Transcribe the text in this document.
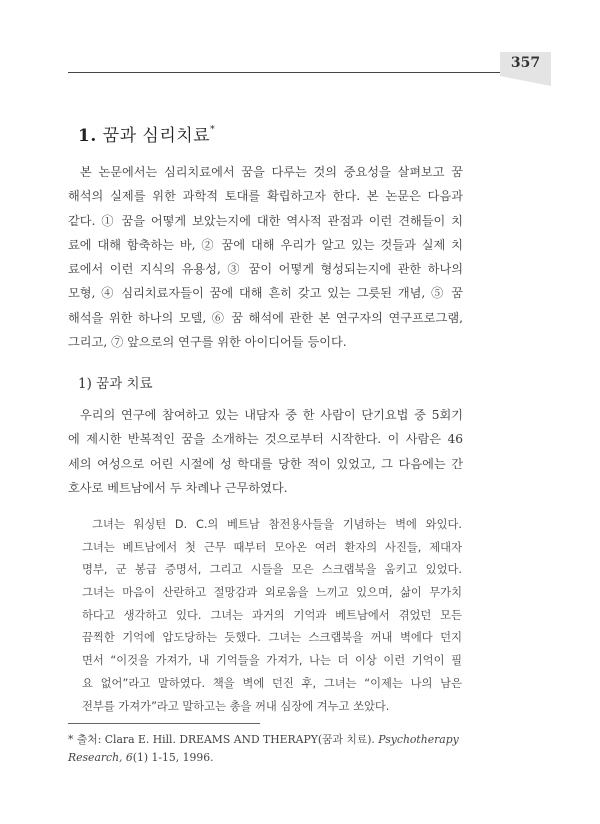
357
1. 꿈과 심리치료*

본 논문에서는 심리치료에서 꿈을 다루는 것의 중요성을 살펴보고 꿈
해석의 실제를 위한 과학적 토대를 확립하고자 한다. 본 논문은 다음과
같다. ① 꿈을 어떻게 보았는지에 대한 역사적 관점과 이런 견해들이 치
료에 대해 함축하는 바, ② 꿈에 대해 우리가 알고 있는 것들과 실제 치
료에서 이런 지식의 유용성, ③ 꿈이 어떻게 형성되는지에 관한 하나의
모형, ④ 심리치료자들이 꿈에 대해 흔히 갖고 있는 그릇된 개념, ⑤ 꿈
해석을 위한 하나의 모델, ⑥ 꿈 해석에 관한 본 연구자의 연구프로그램,
그리고, ⑦ 앞으로의 연구를 위한 아이디어들 등이다.

1) 꿈과 치료

우리의 연구에 참여하고 있는 내담자 중 한 사람이 단기요법 중 5회기
에 제시한 반복적인 꿈을 소개하는 것으로부터 시작한다. 이 사람은 46
세의 여성으로 어린 시절에 성 학대를 당한 적이 있었고, 그 다음에는 간
호사로 베트남에서 두 차례나 근무하였다.

그녀는 워싱턴 D. C.의 베트남 참전용사들을 기념하는 벽에 와있다.
그녀는 베트남에서 첫 근무 때부터 모아온 여러 환자의 사진들, 제대자
명부, 군 봉급 증명서, 그리고 시들을 모은 스크랩북을 움키고 있었다.
그녀는 마음이 산란하고 절망감과 외로움을 느끼고 있으며, 삶이 무가치
하다고 생각하고 있다. 그녀는 과거의 기억과 베트남에서 겪었던 모든
끔찍한 기억에 압도당하는 듯했다. 그녀는 스크랩북을 꺼내 벽에다 던지
면서 “이것을 가져가, 내 기억들을 가져가, 나는 더 이상 이런 기억이 필
요 없어”라고 말하였다. 책을 벽에 던진 후, 그녀는 “이제는 나의 남은
전부를 가져가”라고 말하고는 총을 꺼내 심장에 겨누고 쏘았다.

* 출처: Clara E. Hill. DREAMS AND THERAPY(꿈과 치료). Psychotherapy Research, 6(1) 1-15, 1996.
